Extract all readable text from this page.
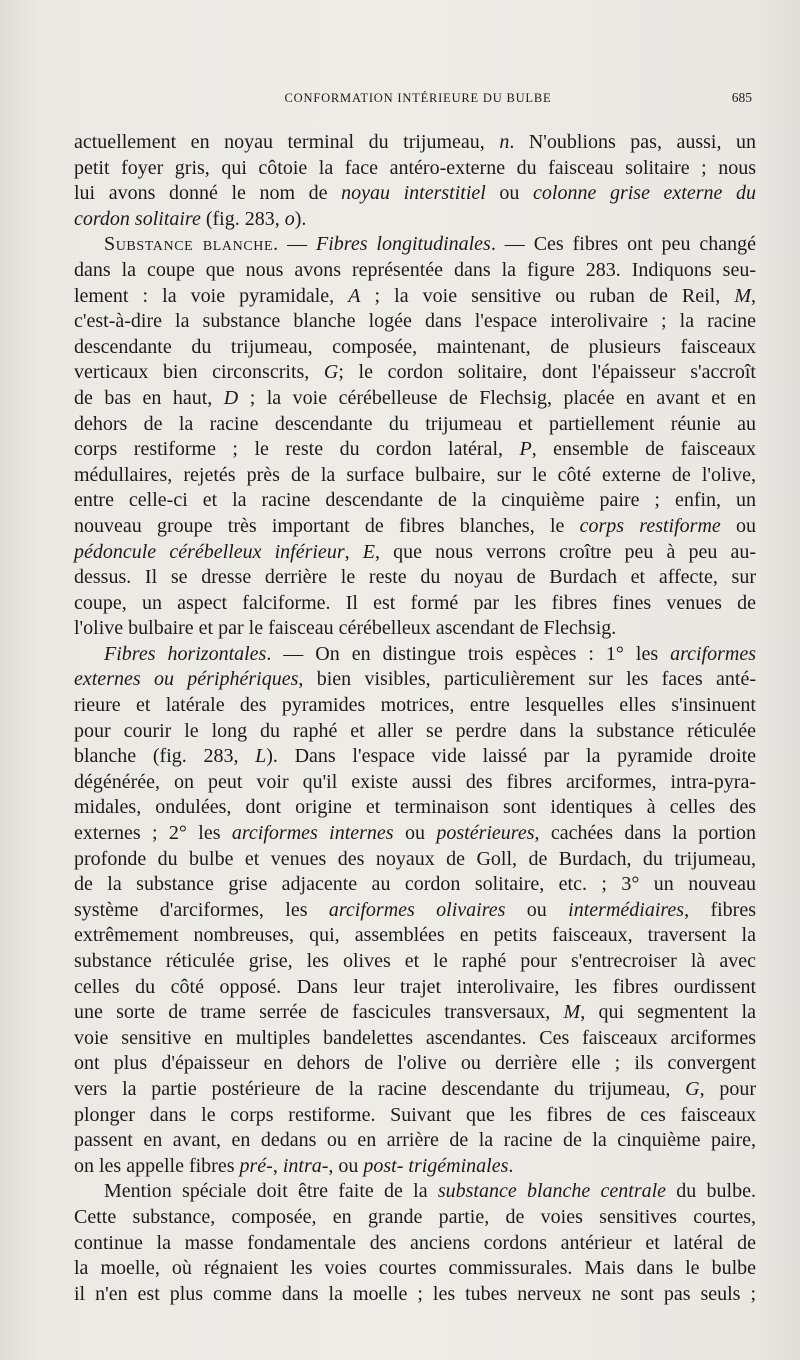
CONFORMATION INTÉRIEURE DU BULBE	685
actuellement en noyau terminal du trijumeau, n. N'oublions pas, aussi, un
petit foyer gris, qui côtoie la face antéro-externe du faisceau solitaire ; nous
lui avons donné le nom de noyau interstitiel ou colonne grise externe du
cordon solitaire (fig. 283, o).
Substance blanche. — Fibres longitudinales. — Ces fibres ont peu changé
dans la coupe que nous avons représentée dans la figure 283. Indiquons seu-
lement : la voie pyramidale, A ; la voie sensitive ou ruban de Reil, M,
c'est-à-dire la substance blanche logée dans l'espace interolivaire ; la racine
descendante du trijumeau, composée, maintenant, de plusieurs faisceaux
verticaux bien circonscrits, G; le cordon solitaire, dont l'épaisseur s'accroît
de bas en haut, D ; la voie cérébelleuse de Flechsig, placée en avant et en
dehors de la racine descendante du trijumeau et partiellement réunie au
corps restiforme ; le reste du cordon latéral, P, ensemble de faisceaux
médullaires, rejetés près de la surface bulbaire, sur le côté externe de l'olive,
entre celle-ci et la racine descendante de la cinquième paire ; enfin, un
nouveau groupe très important de fibres blanches, le corps restiforme ou
pédoncule cérébelleux inférieur, E, que nous verrons croître peu à peu au-
dessus. Il se dresse derrière le reste du noyau de Burdach et affecte, sur
coupe, un aspect falciforme. Il est formé par les fibres fines venues de
l'olive bulbaire et par le faisceau cérébelleux ascendant de Flechsig.
Fibres horizontales. — On en distingue trois espèces : 1° les arciformes
externes ou périphériques, bien visibles, particulièrement sur les faces anté-
rieure et latérale des pyramides motrices, entre lesquelles elles s'insinuent
pour courir le long du raphé et aller se perdre dans la substance réticulée
blanche (fig. 283, L). Dans l'espace vide laissé par la pyramide droite
dégénérée, on peut voir qu'il existe aussi des fibres arciformes, intra-pyra-
midales, ondulées, dont origine et terminaison sont identiques à celles des
externes ; 2° les arciformes internes ou postérieures, cachées dans la portion
profonde du bulbe et venues des noyaux de Goll, de Burdach, du trijumeau,
de la substance grise adjacente au cordon solitaire, etc. ; 3° un nouveau
système d'arciformes, les arciformes olivaires ou intermédiaires, fibres
extrêmement nombreuses, qui, assemblées en petits faisceaux, traversent la
substance réticulée grise, les olives et le raphé pour s'entrecroiser là avec
celles du côté opposé. Dans leur trajet interolivaire, les fibres ourdissent
une sorte de trame serrée de fascicules transversaux, M, qui segmentent la
voie sensitive en multiples bandelettes ascendantes. Ces faisceaux arciformes
ont plus d'épaisseur en dehors de l'olive ou derrière elle ; ils convergent
vers la partie postérieure de la racine descendante du trijumeau, G, pour
plonger dans le corps restiforme. Suivant que les fibres de ces faisceaux
passent en avant, en dedans ou en arrière de la racine de la cinquième paire,
on les appelle fibres pré-, intra-, ou post- trigéminales.
Mention spéciale doit être faite de la substance blanche centrale du bulbe.
Cette substance, composée, en grande partie, de voies sensitives courtes,
continue la masse fondamentale des anciens cordons antérieur et latéral de
la moelle, où régnaient les voies courtes commissurales. Mais dans le bulbe
il n'en est plus comme dans la moelle ; les tubes nerveux ne sont pas seuls ;
